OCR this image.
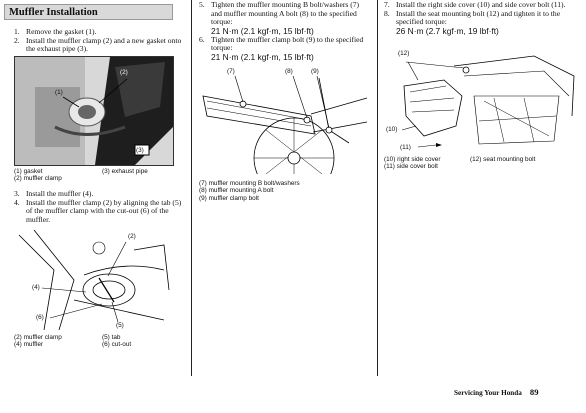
Muffler Installation
1. Remove the gasket (1).
2. Install the muffler clamp (2) and a new gasket onto the exhaust pipe (3).
(2)
(1)
(3)
(1) gasket
(2) muffler clamp
(3) exhaust pipe
3. Install the muffler (4).
4. Install the muffler clamp (2) by aligning the tab (5) of the muffler clamp with the cut-out (6) of the muffler.
(2)
(4)
(6)
(5)
(2) muffler clamp
(4) muffler
(5) tab
(6) cut-out
5. Tighten the muffler mounting B bolt/washers (7) and muffler mounting A bolt (8) to the specified torque:
21 N·m (2.1 kgf·m, 15 lbf·ft)
6. Tighten the muffler clamp bolt (9) to the specified torque:
21 N·m (2.1 kgf·m, 15 lbf·ft)
(7)	(8)	(9)
(7) muffler mounting B bolt/washers
(8) muffler mounting A bolt
(9) muffler clamp bolt
7. Install the right side cover (10) and side cover bolt (11).
8. Install the seat mounting bolt (12) and tighten it to the specified torque:
26 N·m (2.7 kgf·m, 19 lbf·ft)
(12)
(10)
(11)
(10) right side cover
(11) side cover bolt
(12) seat mounting bolt
Servicing Your Honda 89
